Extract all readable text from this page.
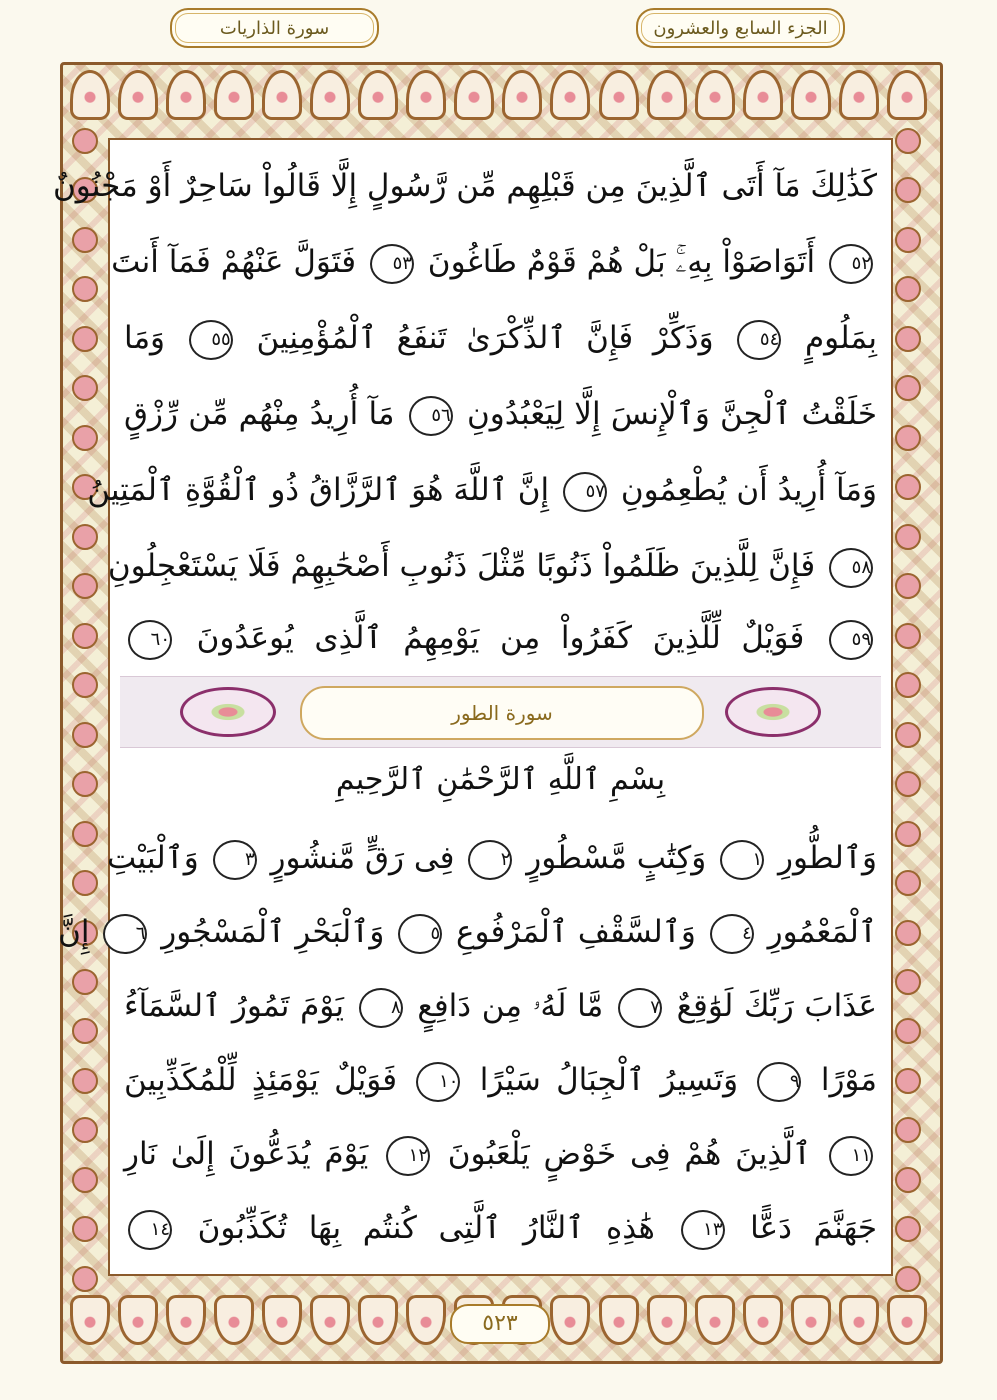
سورة الذاريات	الجزء السابع والعشرون
كَذَٰلِكَ مَآ أَتَى ٱلَّذِينَ مِن قَبْلِهِم مِّن رَّسُولٍ إِلَّا قَالُواْ سَاحِرٌ أَوْ مَجْنُونٌ
٥٢ أَتَوَاصَوْاْ بِهِۦۚ بَلْ هُمْ قَوْمٌ طَاغُونَ ٥٣ فَتَوَلَّ عَنْهُمْ فَمَآ أَنتَ
بِمَلُومٍ ٥٤ وَذَكِّرْ فَإِنَّ ٱلذِّكْرَىٰ تَنفَعُ ٱلْمُؤْمِنِينَ ٥٥ وَمَا
خَلَقْتُ ٱلْجِنَّ وَٱلْإِنسَ إِلَّا لِيَعْبُدُونِ ٥٦ مَآ أُرِيدُ مِنْهُم مِّن رِّزْقٍ
وَمَآ أُرِيدُ أَن يُطْعِمُونِ ٥٧ إِنَّ ٱللَّهَ هُوَ ٱلرَّزَّاقُ ذُو ٱلْقُوَّةِ ٱلْمَتِينُ
٥٨ فَإِنَّ لِلَّذِينَ ظَلَمُواْ ذَنُوبًا مِّثْلَ ذَنُوبِ أَصْحَٰبِهِمْ فَلَا يَسْتَعْجِلُونِ
٥٩ فَوَيْلٌ لِّلَّذِينَ كَفَرُواْ مِن يَوْمِهِمُ ٱلَّذِى يُوعَدُونَ ٦٠
سورة الطور
بِسْمِ ٱللَّهِ ٱلرَّحْمَٰنِ ٱلرَّحِيمِ
وَٱلطُّورِ ١ وَكِتَٰبٍ مَّسْطُورٍ ٢ فِى رَقٍّ مَّنشُورٍ ٣ وَٱلْبَيْتِ
ٱلْمَعْمُورِ ٤ وَٱلسَّقْفِ ٱلْمَرْفُوعِ ٥ وَٱلْبَحْرِ ٱلْمَسْجُورِ ٦ إِنَّ
عَذَابَ رَبِّكَ لَوَٰقِعٌ ٧ مَّا لَهُۥ مِن دَافِعٍ ٨ يَوْمَ تَمُورُ ٱلسَّمَآءُ
مَوْرًا ٩ وَتَسِيرُ ٱلْجِبَالُ سَيْرًا ١٠ فَوَيْلٌ يَوْمَئِذٍ لِّلْمُكَذِّبِينَ
١١ ٱلَّذِينَ هُمْ فِى خَوْضٍ يَلْعَبُونَ ١٢ يَوْمَ يُدَعُّونَ إِلَىٰ نَارِ
جَهَنَّمَ دَعًّا ١٣ هَٰذِهِ ٱلنَّارُ ٱلَّتِى كُنتُم بِهَا تُكَذِّبُونَ ١٤
٥٢٣
